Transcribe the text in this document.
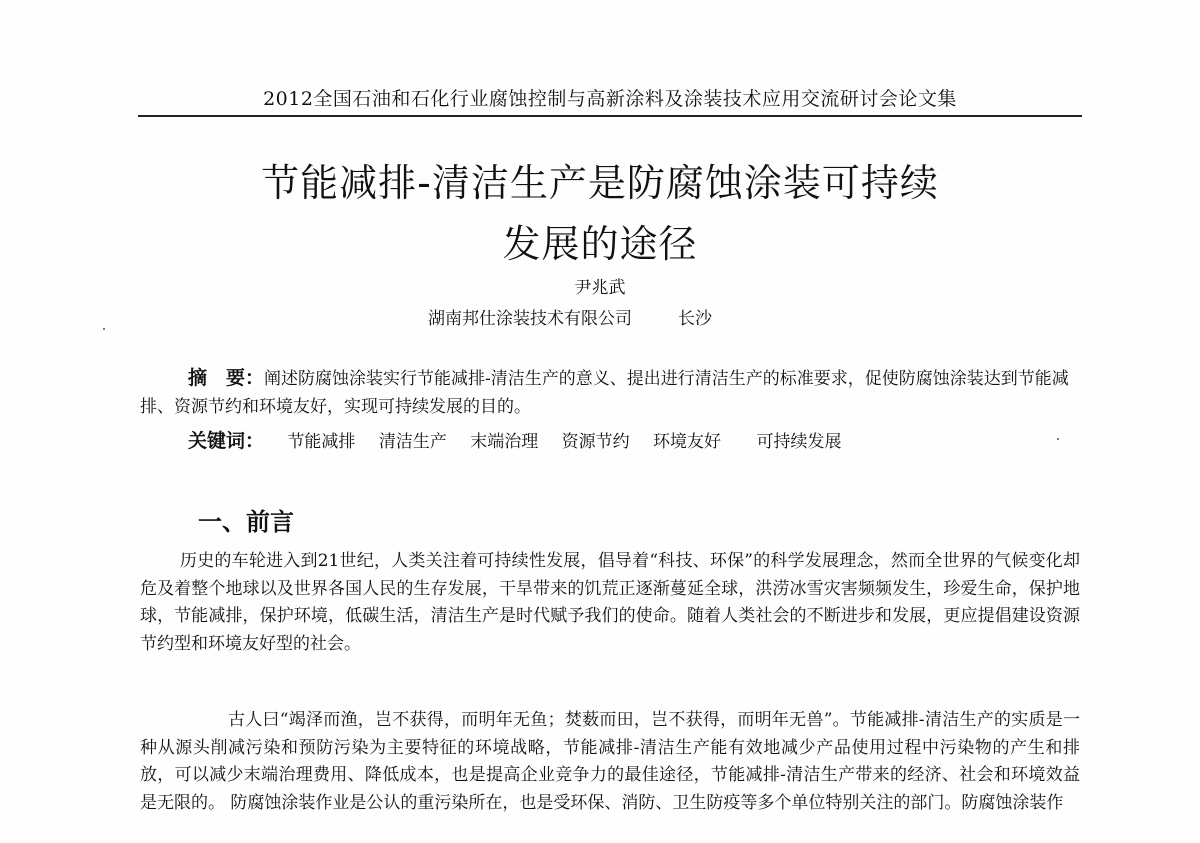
2012全国石油和石化行业腐蚀控制与高新涂料及涂装技术应用交流研讨会论文集
节能减排-清洁生产是防腐蚀涂装可持续
发展的途径
尹兆武
湖南邦仕涂装技术有限公司	长沙

摘　要：阐述防腐蚀涂装实行节能减排-清洁生产的意义、提出进行清洁生产的标准要求，促使防腐蚀涂装达到节能减排、资源节约和环境友好，实现可持续发展的目的。

关键词： 节能减排 清洁生产 末端治理 资源节约 环境友好 可持续发展
一、前言

历史的车轮进入到21世纪，人类关注着可持续性发展，倡导着“科技、环保”的科学发展理念，然而全世界的气候变化却危及着整个地球以及世界各国人民的生存发展，干旱带来的饥荒正逐渐蔓延全球，洪涝冰雪灾害频频发生，珍爱生命，保护地球，节能减排，保护环境，低碳生活，清洁生产是时代赋予我们的使命。随着人类社会的不断进步和发展，更应提倡建设资源节约型和环境友好型的社会。

古人曰“竭泽而渔，岂不获得，而明年无鱼；焚薮而田，岂不获得，而明年无兽”。节能减排-清洁生产的实质是一种从源头削减污染和预防污染为主要特征的环境战略，节能减排-清洁生产能有效地减少产品使用过程中污染物的产生和排放，可以减少末端治理费用、降低成本，也是提高企业竞争力的最佳途径，节能减排-清洁生产带来的经济、社会和环境效益是无限的。 防腐蚀涂装作业是公认的重污染所在，也是受环保、消防、卫生防疫等多个单位特别关注的部门。防腐蚀涂装作
